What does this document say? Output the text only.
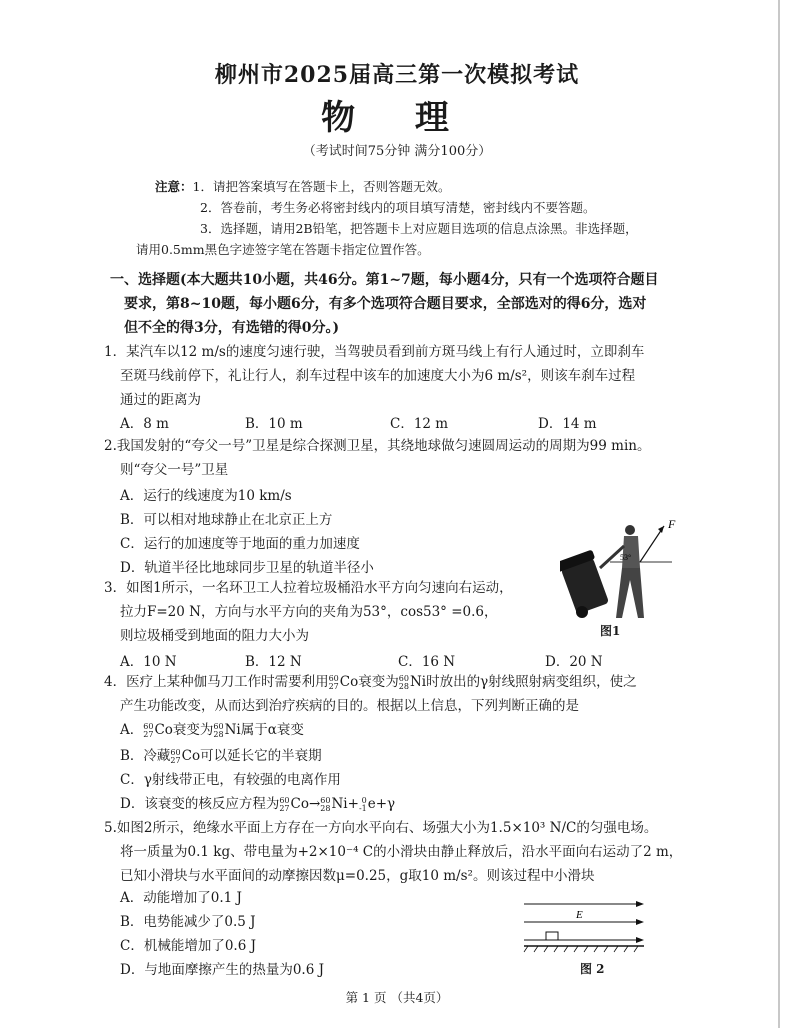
柳州市2025届高三第一次模拟考试
物 理
（考试时间75分钟 满分100分）
注意：1．请把答案填写在答题卡上，否则答题无效。
2．答卷前，考生务必将密封线内的项目填写清楚，密封线内不要答题。
3．选择题，请用2B铅笔，把答题卡上对应题目选项的信息点涂黑。非选择题，
请用0.5mm黑色字迹签字笔在答题卡指定位置作答。
一、选择题(本大题共10小题，共46分。第1~7题，每小题4分，只有一个选项符合题目
要求，第8~10题，每小题6分，有多个选项符合题目要求，全部选对的得6分，选对
但不全的得3分，有选错的得0分。)
1．某汽车以12 m/s的速度匀速行驶，当驾驶员看到前方斑马线上有行人通过时，立即刹车
至斑马线前停下，礼让行人，刹车过程中该车的加速度大小为6 m/s²，则该车刹车过程
通过的距离为
A．8 m	B．10 m	C．12 m	D．14 m
2.我国发射的“夸父一号”卫星是综合探测卫星，其绕地球做匀速圆周运动的周期为99 min。
则“夸父一号”卫星
A．运行的线速度为10 km/s
B．可以相对地球静止在北京正上方
C．运行的加速度等于地面的重力加速度
D．轨道半径比地球同步卫星的轨道半径小
F
53°
图1
3．如图1所示，一名环卫工人拉着垃圾桶沿水平方向匀速向右运动，
拉力F=20 N，方向与水平方向的夹角为53°，cos53° =0.6，
则垃圾桶受到地面的阻力大小为
A．10 N	B．12 N	C．16 N	D．20 N
4．医疗上某种伽马刀工作时需要利用 60
27 Co衰变为 60
28 Ni时放出的γ射线照射病变组织，使之
产生功能改变，从而达到治疗疾病的目的。根据以上信息，下列判断正确的是
A． 60
27 Co衰变为 60
28 Ni属于α衰变
B．冷藏 60
27 Co可以延长它的半衰期
C．γ射线带正电，有较强的电离作用
D．该衰变的核反应方程为 60
27 Co→ 60
28 Ni+ 0
-1 e+γ
5.如图2所示，绝缘水平面上方存在一方向水平向右、场强大小为1.5×10³ N/C的匀强电场。
将一质量为0.1 kg、带电量为+2×10⁻⁴ C的小滑块由静止释放后，沿水平面向右运动了2 m，
已知小滑块与水平面间的动摩擦因数μ=0.25，g取10 m/s²。则该过程中小滑块
A．动能增加了0.1 J
B．电势能减少了0.5 J
C．机械能增加了0.6 J
D．与地面摩擦产生的热量为0.6 J
E
图 2
第 1 页 （共4页）
